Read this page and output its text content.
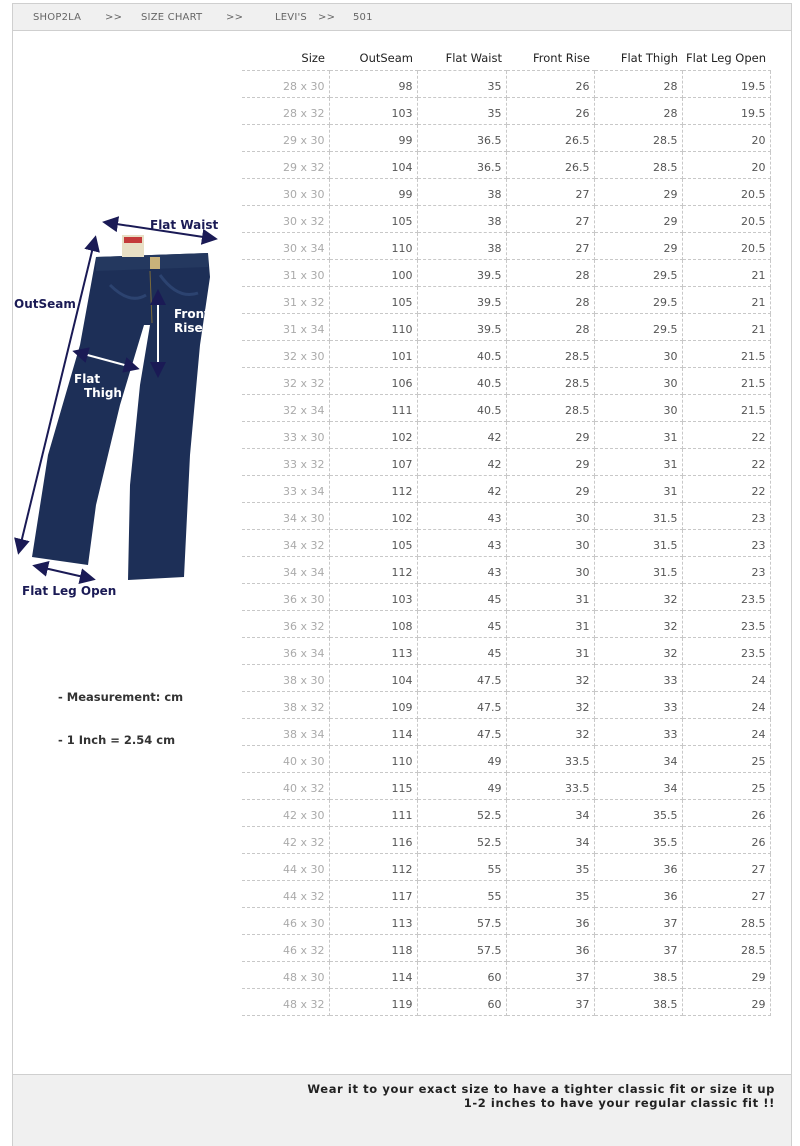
SHOP2LA >> SIZE CHART >>	LEVI'S >> 501
Flat Waist
OutSeam
Front
Rise
Flat
Thigh
Flat Leg Open
- Measurement: cm
- 1 Inch = 2.54 cm
Size	OutSeam	Flat Waist	Front Rise	Flat Thigh	Flat Leg Open
28 x 30	98	35	26	28	19.5
28 x 32	103	35	26	28	19.5
29 x 30	99	36.5	26.5	28.5	20
29 x 32	104	36.5	26.5	28.5	20
30 x 30	99	38	27	29	20.5
30 x 32	105	38	27	29	20.5
30 x 34	110	38	27	29	20.5
31 x 30	100	39.5	28	29.5	21
31 x 32	105	39.5	28	29.5	21
31 x 34	110	39.5	28	29.5	21
32 x 30	101	40.5	28.5	30	21.5
32 x 32	106	40.5	28.5	30	21.5
32 x 34	111	40.5	28.5	30	21.5
33 x 30	102	42	29	31	22
33 x 32	107	42	29	31	22
33 x 34	112	42	29	31	22
34 x 30	102	43	30	31.5	23
34 x 32	105	43	30	31.5	23
34 x 34	112	43	30	31.5	23
36 x 30	103	45	31	32	23.5
36 x 32	108	45	31	32	23.5
36 x 34	113	45	31	32	23.5
38 x 30	104	47.5	32	33	24
38 x 32	109	47.5	32	33	24
38 x 34	114	47.5	32	33	24
40 x 30	110	49	33.5	34	25
40 x 32	115	49	33.5	34	25
42 x 30	111	52.5	34	35.5	26
42 x 32	116	52.5	34	35.5	26
44 x 30	112	55	35	36	27
44 x 32	117	55	35	36	27
46 x 30	113	57.5	36	37	28.5
46 x 32	118	57.5	36	37	28.5
48 x 30	114	60	37	38.5	29
48 x 32	119	60	37	38.5	29

Wear it to your exact size to have a tighter classic fit or size it up

1-2 inches to have your regular classic fit !!
